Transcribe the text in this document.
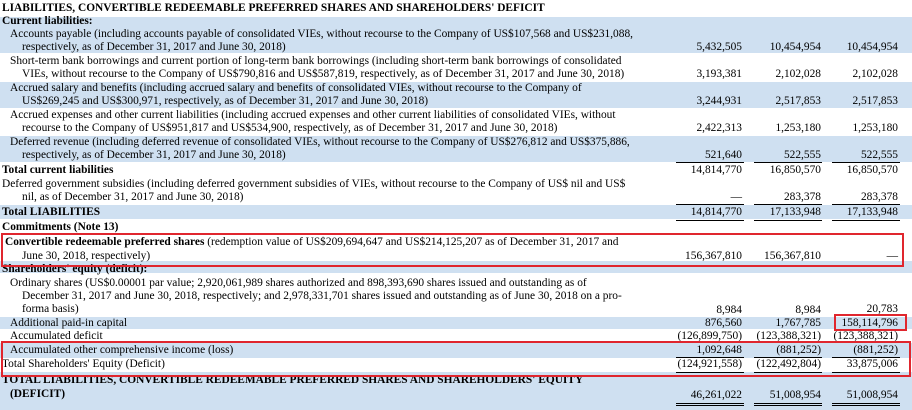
LIABILITIES, CONVERTIBLE REDEEMABLE PREFERRED SHARES AND SHAREHOLDERS' DEFICIT
Current liabilities:
Accounts payable (including accounts payable of consolidated VIEs, without recourse to the Company of US$107,568 and US$231,088,
respectively, as of December 31, 2017 and June 30, 2018)	5,432,505 10,454,954 10,454,954
Short-term bank borrowings and current portion of long-term bank borrowings (including short-term bank borrowings of consolidated
VIEs, without recourse to the Company of US$790,816 and US$587,819, respectively, as of December 31, 2017 and June 30, 2018)	3,193,381	2,102,028	2,102,028
Accrued salary and benefits (including accrued salary and benefits of consolidated VIEs, without recourse to the Company of
US$269,245 and US$300,971, respectively, as of December 31, 2017 and June 30, 2018)	3,244,931	2,517,853	2,517,853
Accrued expenses and other current liabilities (including accrued expenses and other current liabilities of consolidated VIEs, without
recourse to the Company of US$951,817 and US$534,900, respectively, as of December 31, 2017 and June 30, 2018)	2,422,313	1,253,180	1,253,180
Deferred revenue (including deferred revenue of consolidated VIEs, without recourse to the Company of US$276,812 and US$375,886,
respectively, as of December 31, 2017 and June 30, 2018)	521,640	522,555	522,555
Total current liabilities	14,814,770 16,850,570 16,850,570
Deferred government subsidies (including deferred government subsidies of VIEs, without recourse to the Company of US$ nil and US$
nil, as of December 31, 2017 and June 30, 2018)	—	283,378	283,378
Total LIABILITIES	14,814,770 17,133,948 17,133,948
Commitments (Note 13)
Convertible redeemable preferred shares (redemption value of US$209,694,647 and US$214,125,207 as of December 31, 2017 and
June 30, 2018, respectively)	156,367,810 156,367,810	—
Shareholders' equity (deficit):
Ordinary shares (US$0.00001 par value; 2,920,061,989 shares authorized and 898,393,690 shares issued and outstanding as of
December 31, 2017 and June 30, 2018, respectively; and 2,978,331,701 shares issued and outstanding as of June 30, 2018 on a pro-
forma basis)	8,984	8,984	20,783
Additional paid-in capital	876,560	1,767,785 158,114,796
Accumulated deficit	(126,899,750) (123,388,321) (123,388,321)
Accumulated other comprehensive income (loss)	1,092,648	(881,252)	(881,252)
Total Shareholders' Equity (Deficit)	(124,921,558) (122,492,804) 33,875,006
TOTAL LIABILITIES, CONVERTIBLE REDEEMABLE PREFERRED SHARES AND SHAREHOLDERS' EQUITY
(DEFICIT)	46,261,022 51,008,954 51,008,954
